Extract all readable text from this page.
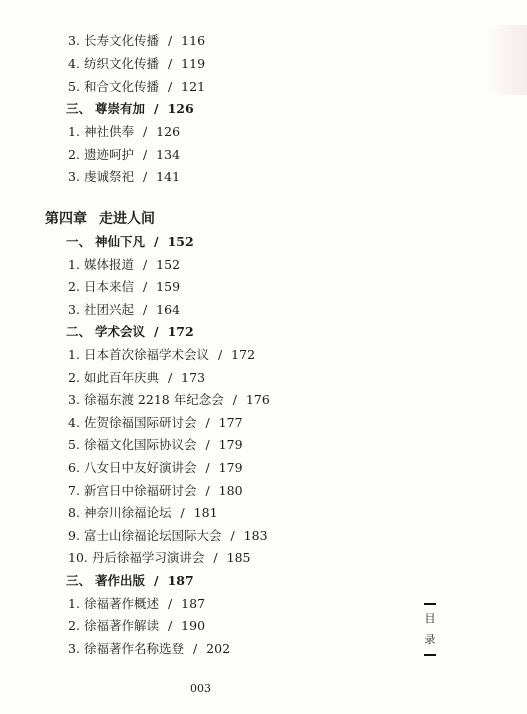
3. 长寿文化传播 / 116
4. 纺织文化传播 / 119
5. 和合文化传播 / 121
三、 尊崇有加 / 126
1. 神社供奉 / 126
2. 遗迹呵护 / 134
3. 虔诚祭祀 / 141
第四章 走进人间
一、 神仙下凡 / 152
1. 媒体报道 / 152
2. 日本来信 / 159
3. 社团兴起 / 164
二、 学术会议 / 172
1. 日本首次徐福学术会议 / 172
2. 如此百年庆典 / 173
3. 徐福东渡 2218 年纪念会 / 176
4. 佐贺徐福国际研讨会 / 177
5. 徐福文化国际协议会 / 179
6. 八女日中友好演讲会 / 179
7. 新宫日中徐福研讨会 / 180
8. 神奈川徐福论坛 / 181
9. 富士山徐福论坛国际大会 / 183
10. 丹后徐福学习演讲会 / 185
三、 著作出版 / 187
1. 徐福著作概述 / 187
2. 徐福著作解读 / 190
3. 徐福著作名称选登 / 202
目
录
003
